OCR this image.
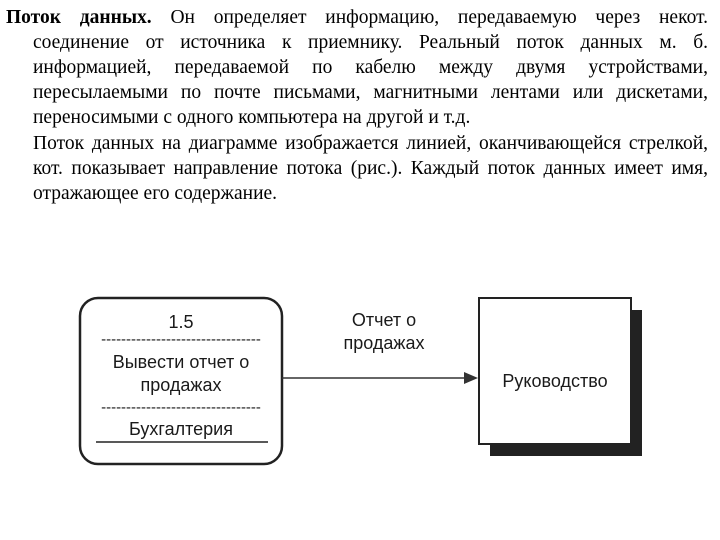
Поток данных. Он определяет информацию, передаваемую через некот. соединение от источника к приемнику. Реальный поток данных м. б. информацией, передаваемой по кабелю между двумя устройствами, пересылаемыми по почте письмами, магнитными лентами или дискетами, переносимыми с одного компьютера на другой и т.д.

Поток данных на диаграмме изображается линией, оканчивающейся стрелкой, кот. показывает направление потока (рис.). Каждый поток данных имеет имя, отражающее его содержание.

1.5
--------------------------------
Вывести отчет о
продажах
--------------------------------
Бухгалтерия
Отчет о
продажах
Руководство
